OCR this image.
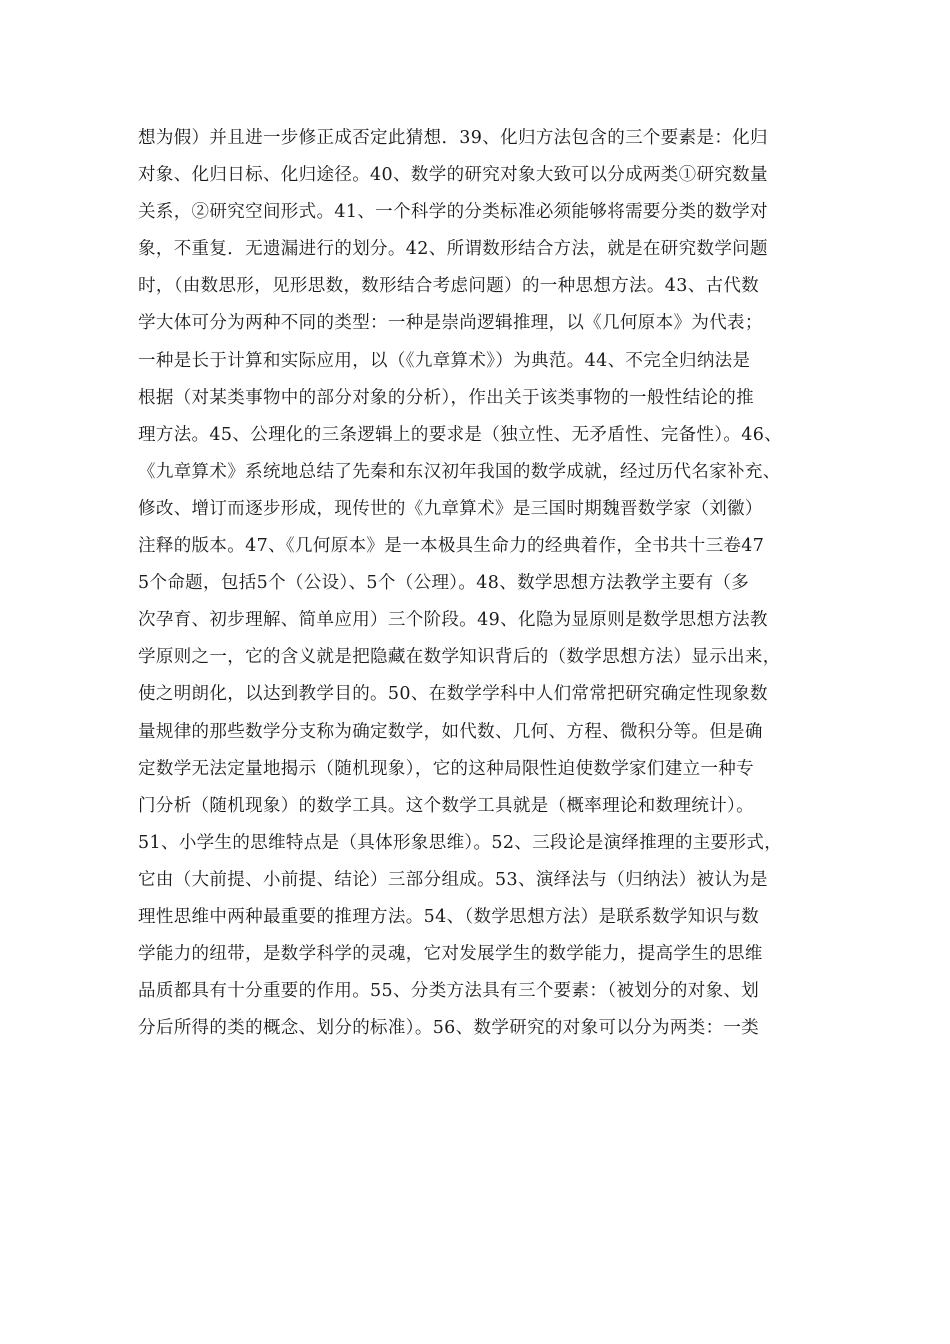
想为假）并且进一步修正成否定此猜想．39、化归方法包含的三个要素是：化归
对象、化归日标、化归途径。40、数学的研究对象大致可以分成两类①研究数量
关系，②研究空间形式。41、一个科学的分类标准必须能够将需要分类的数学对
象，不重复．无遗漏进行的划分。42、所谓数形结合方法，就是在研究数学问题
时，（由数思形，见形思数，数形结合考虑问题）的一种思想方法。43、古代数
学大体可分为两种不同的类型：一种是崇尚逻辑推理，以《几何原本》为代表；
一种是长于计算和实际应用，以（《九章算术》）为典范。44、不完全归纳法是
根据（对某类事物中的部分对象的分析），作出关于该类事物的一般性结论的推
理方法。45、公理化的三条逻辑上的要求是（独立性、无矛盾性、完备性）。46、
《九章算术》系统地总结了先秦和东汉初年我国的数学成就，经过历代名家补充、
修改、增订而逐步形成，现传世的《九章算术》是三国时期魏晋数学家（刘徽）
注释的版本。47、《几何原本》是一本极具生命力的经典着作，全书共十三卷47
5个命题，包括5个（公设）、5个（公理）。48、数学思想方法教学主要有（多
次孕育、初步理解、简单应用）三个阶段。49、化隐为显原则是数学思想方法教
学原则之一，它的含义就是把隐藏在数学知识背后的（数学思想方法）显示出来，
使之明朗化，以达到教学目的。50、在数学学科中人们常常把研究确定性现象数
量规律的那些数学分支称为确定数学，如代数、几何、方程、微积分等。但是确
定数学无法定量地揭示（随机现象），它的这种局限性迫使数学家们建立一种专
门分析（随机现象）的数学工具。这个数学工具就是（概率理论和数理统计）。
51、小学生的思维特点是（具体形象思维）。52、三段论是演绎推理的主要形式，
它由（大前提、小前提、结论）三部分组成。53、演绎法与（归纳法）被认为是
理性思维中两种最重要的推理方法。54、（数学思想方法）是联系数学知识与数
学能力的纽带，是数学科学的灵魂，它对发展学生的数学能力，提高学生的思维
品质都具有十分重要的作用。55、分类方法具有三个要素：（被划分的对象、划
分后所得的类的概念、划分的标准）。56、数学研究的对象可以分为两类：一类
